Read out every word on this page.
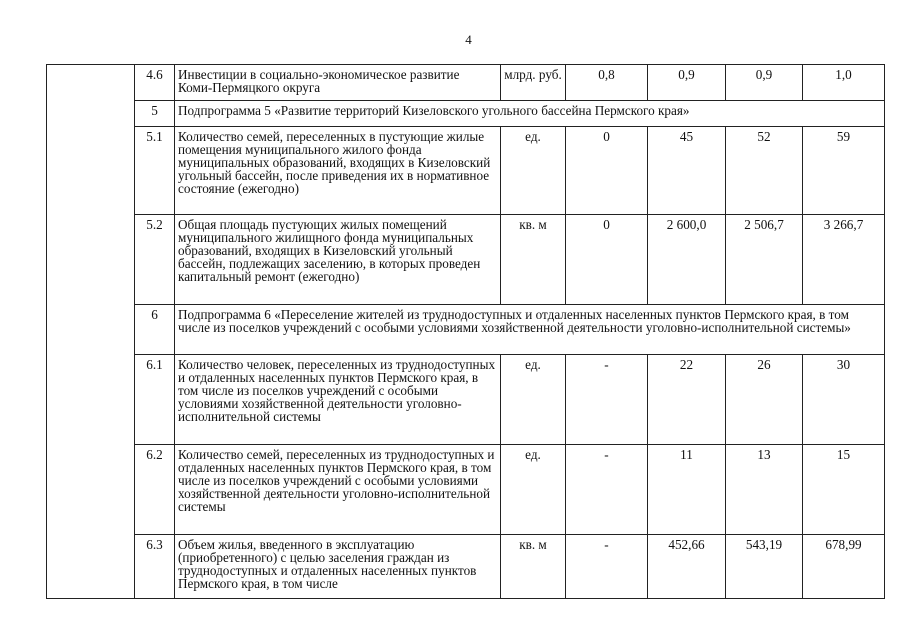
4
	4.6	Инвестиции в социально-экономическое развитие Коми-Пермяцкого округа	млрд. руб.	0,8	0,9	0,9	1,0
	5	Подпрограмма 5 «Развитие территорий Кизеловского угольного бассейна Пермского края»					
	5.1	Количество семей, переселенных в пустующие жилые помещения муниципального жилого фонда муниципальных образований, входящих в Кизеловский угольный бассейн, после приведения их в нормативное состояние (ежегодно)	ед.	0	45	52	59
	5.2	Общая площадь пустующих жилых помещений муниципального жилищного фонда муниципальных образований, входящих в Кизеловский угольный бассейн, подлежащих заселению, в которых проведен капитальный ремонт (ежегодно)	кв. м	0	2 600,0	2 506,7	3 266,7
	6	Подпрограмма 6 «Переселение жителей из труднодоступных и отдаленных населенных пунктов Пермского края, в том числе из поселков учреждений с особыми условиями хозяйственной деятельности уголовно-исполнительной системы»					
	6.1	Количество человек, переселенных из труднодоступных и отдаленных населенных пунктов Пермского края, в том числе из поселков учреждений с особыми условиями хозяйственной деятельности уголовно-исполнительной системы	ед.	-	22	26	30
	6.2	Количество семей, переселенных из труднодоступных и отдаленных населенных пунктов Пермского края, в том числе из поселков учреждений с особыми условиями хозяйственной деятельности уголовно-исполнительной системы	ед.	-	11	13	15
	6.3	Объем жилья, введенного в эксплуатацию (приобретенного) с целью заселения граждан из труднодоступных и отдаленных населенных пунктов Пермского края, в том числе	кв. м	-	452,66	543,19	678,99
